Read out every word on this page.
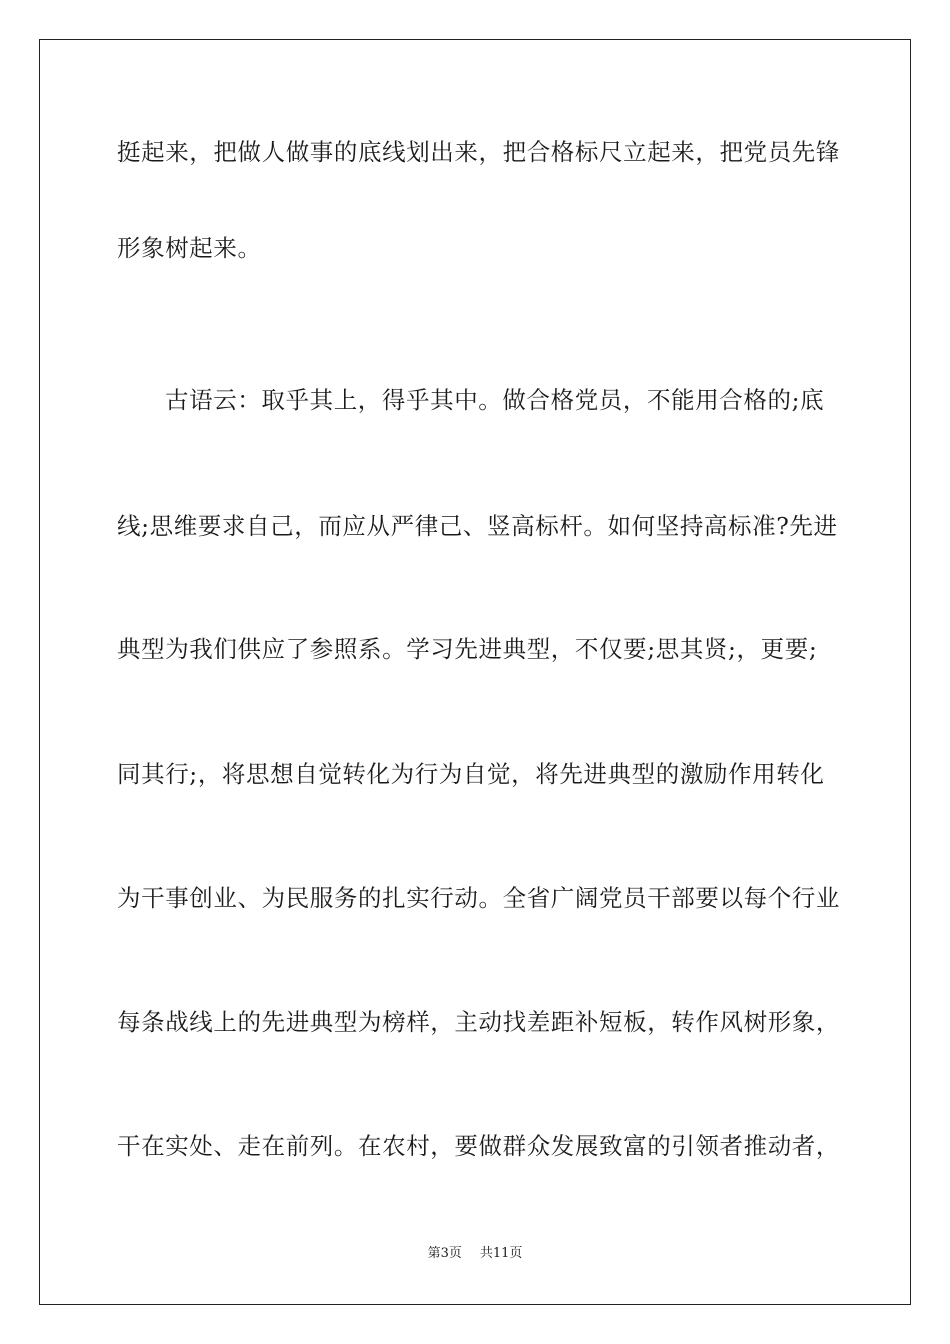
挺起来，把做人做事的底线划出来，把合格标尺立起来，把党员先锋
形象树起来。
古语云：取乎其上，得乎其中。做合格党员，不能用合格的;底
线;思维要求自己，而应从严律己、竖高标杆。如何坚持高标准?先进
典型为我们供应了参照系。学习先进典型，不仅要;思其贤;，更要;
同其行;，将思想自觉转化为行为自觉，将先进典型的激励作用转化
为干事创业、为民服务的扎实行动。全省广阔党员干部要以每个行业
每条战线上的先进典型为榜样，主动找差距补短板，转作风树形象，
干在实处、走在前列。在农村，要做群众发展致富的引领者推动者，
第3页 共11页
